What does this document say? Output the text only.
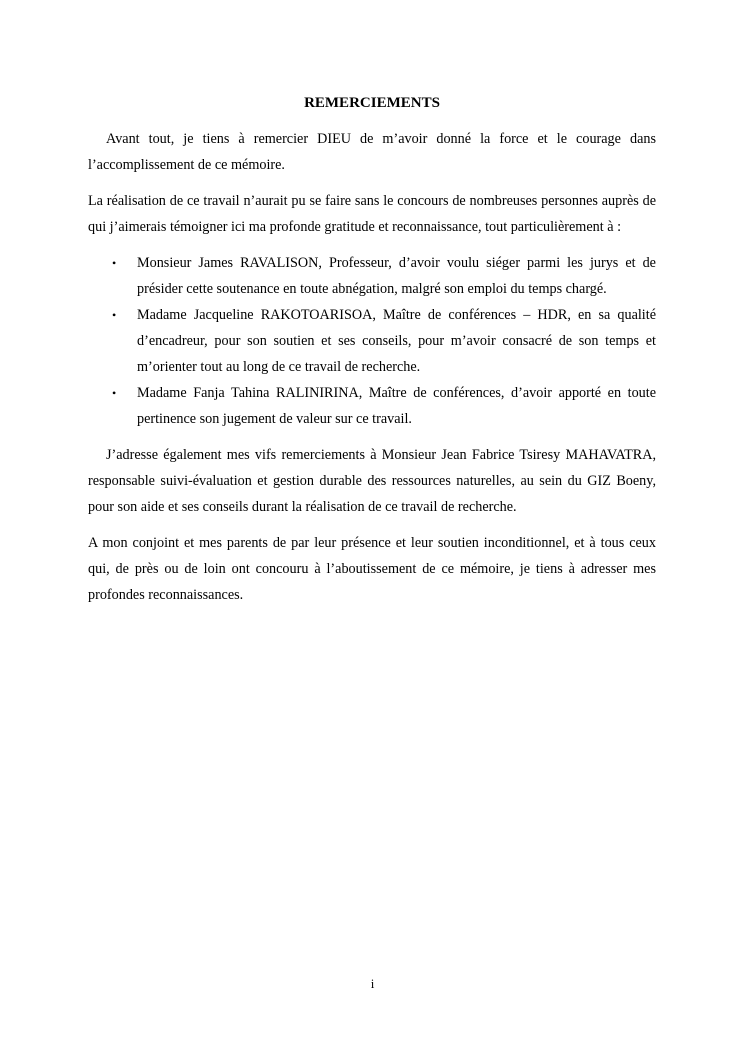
REMERCIEMENTS

Avant tout, je tiens à remercier DIEU de m’avoir donné la force et le courage dans l’accomplissement de ce mémoire.

La réalisation de ce travail n’aurait pu se faire sans le concours de nombreuses personnes auprès de qui j’aimerais témoigner ici ma profonde gratitude et reconnaissance, tout particulièrement à :

• Monsieur James RAVALISON, Professeur, d’avoir voulu siéger parmi les jurys et de présider cette soutenance en toute abnégation, malgré son emploi du temps chargé.
• Madame Jacqueline RAKOTOARISOA, Maître de conférences – HDR, en sa qualité d’encadreur, pour son soutien et ses conseils, pour m’avoir consacré de son temps et m’orienter tout au long de ce travail de recherche.
• Madame Fanja Tahina RALINIRINA, Maître de conférences, d’avoir apporté en toute pertinence son jugement de valeur sur ce travail.

J’adresse également mes vifs remerciements à Monsieur Jean Fabrice Tsiresy MAHAVATRA, responsable suivi-évaluation et gestion durable des ressources naturelles, au sein du GIZ Boeny, pour son aide et ses conseils durant la réalisation de ce travail de recherche.

A mon conjoint et mes parents de par leur présence et leur soutien inconditionnel, et à tous ceux qui, de près ou de loin ont concouru à l’aboutissement de ce mémoire, je tiens à adresser mes profondes reconnaissances.

i
